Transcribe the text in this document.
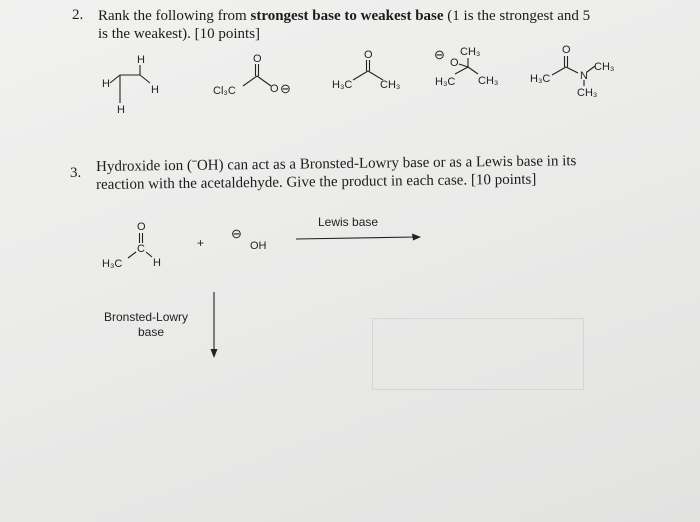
2. Rank the following from strongest base to weakest base (1 is the strongest and 5
is the weakest). [10 points]
H
H	H
H
O
Cl₃C	O ⊖
O
H₃C	CH₃
⊖
O
CH₃
H₃C CH₃
O
H₃C	N
CH₃
CH₃
3. Hydroxide ion (ˉOH) can act as a Bronsted-Lowry base or as a Lewis base in its
reaction with the acetaldehyde. Give the product in each case. [10 points]
O
C
H₃C	H
+
⊖
OH
Lewis base
Bronsted-Lowry
base
